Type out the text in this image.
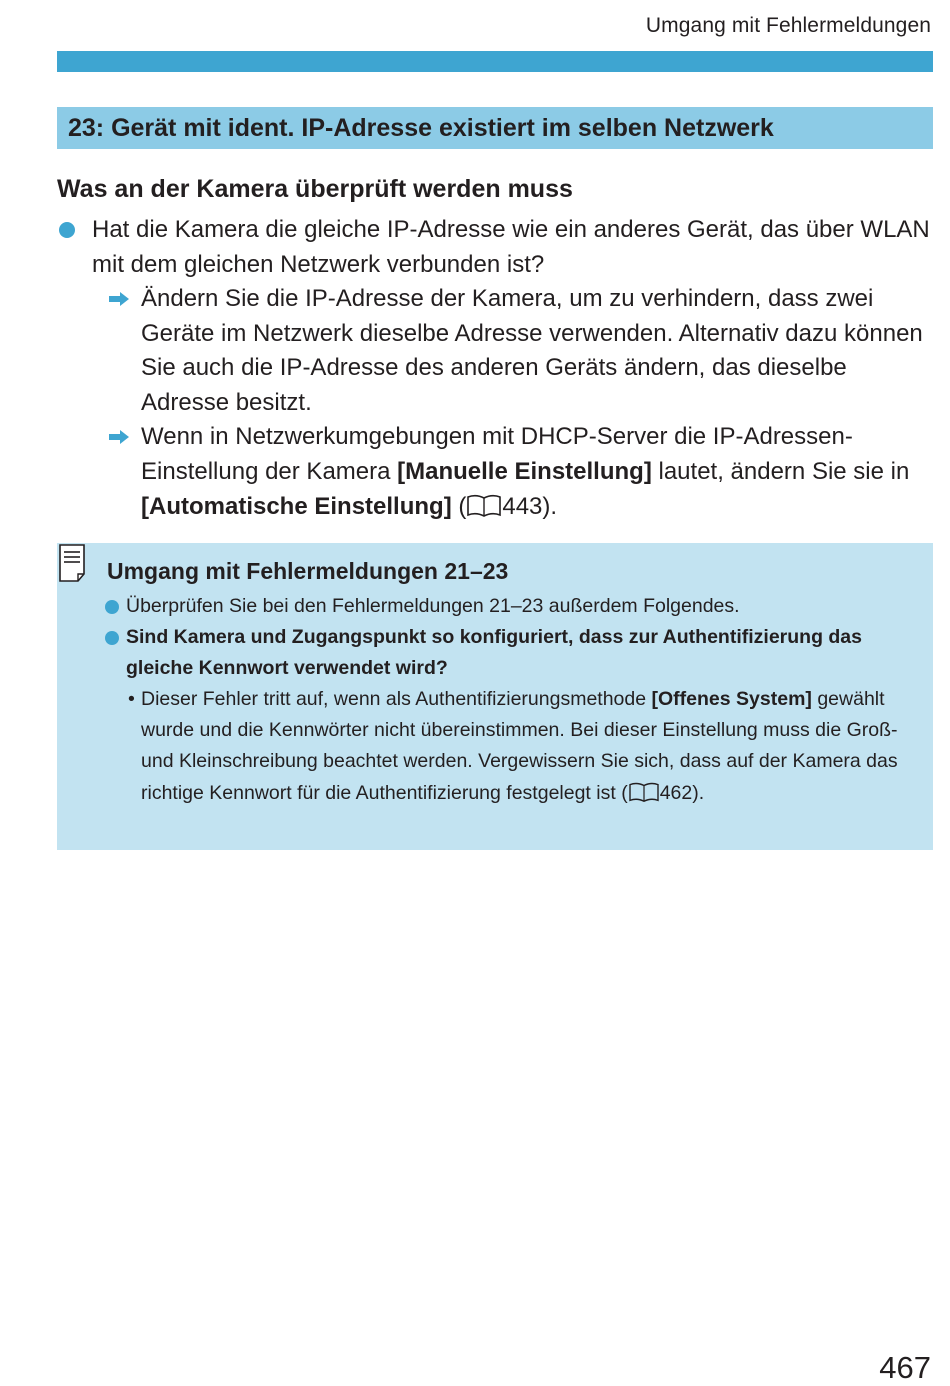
Umgang mit Fehlermeldungen
23: Gerät mit ident. IP-Adresse existiert im selben Netzwerk
Was an der Kamera überprüft werden muss
Hat die Kamera die gleiche IP-Adresse wie ein anderes Gerät, das über WLAN mit dem gleichen Netzwerk verbunden ist?
Ändern Sie die IP-Adresse der Kamera, um zu verhindern, dass zwei Geräte im Netzwerk dieselbe Adresse verwenden. Alternativ dazu können Sie auch die IP-Adresse des anderen Geräts ändern, das dieselbe Adresse besitzt.
Wenn in Netzwerkumgebungen mit DHCP-Server die IP-Adressen-Einstellung der Kamera [Manuelle Einstellung] lautet, ändern Sie sie in [Automatische Einstellung] ( 443).
Umgang mit Fehlermeldungen 21–23
Überprüfen Sie bei den Fehlermeldungen 21–23 außerdem Folgendes.
Sind Kamera und Zugangspunkt so konfiguriert, dass zur Authentifizierung das gleiche Kennwort verwendet wird?
• Dieser Fehler tritt auf, wenn als Authentifizierungsmethode [Offenes System] gewählt wurde und die Kennwörter nicht übereinstimmen. Bei dieser Einstellung muss die Groß- und Kleinschreibung beachtet werden. Vergewissern Sie sich, dass auf der Kamera das richtige Kennwort für die Authentifizierung festgelegt ist ( 462).
467
